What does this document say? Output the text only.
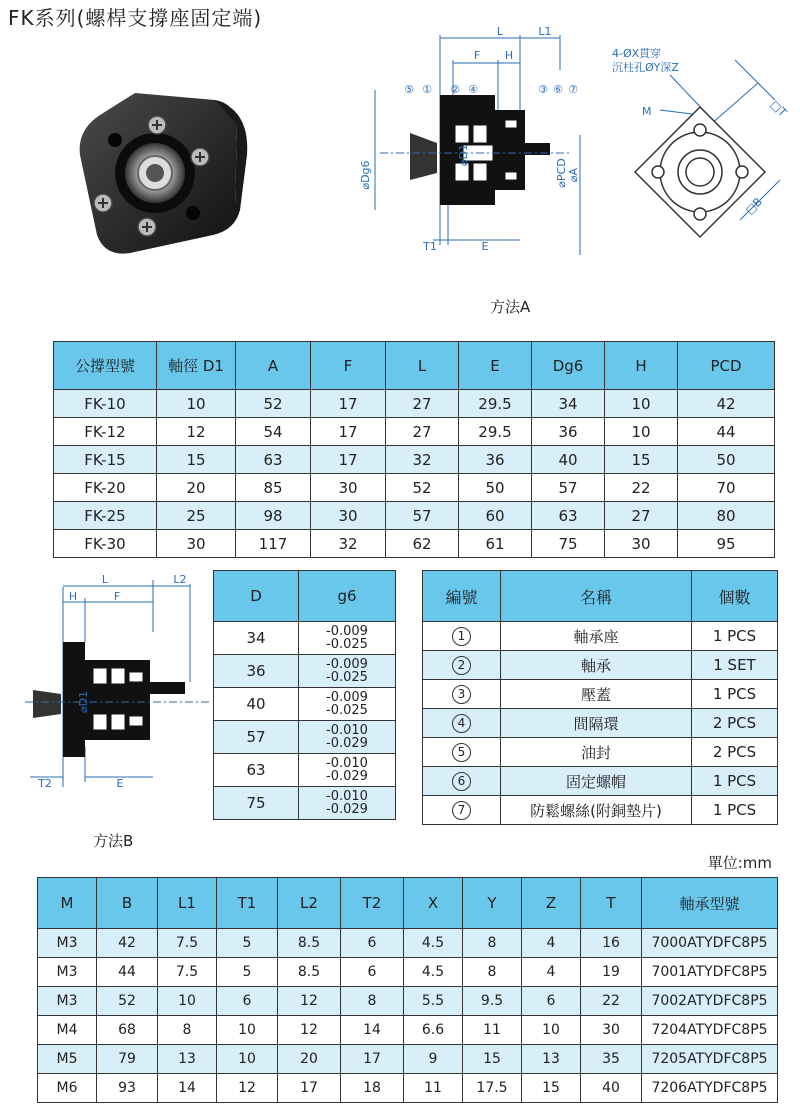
FK系列(螺桿支撐座固定端)
L	L1
F H
T1	E
⌀Dg6
⌀D1
⌀PCD ⌀A
⑤ ① ② ④	③ ⑥ ⑦
4-ØX貫穿
沉柱孔ØY深Z
M	□T
□B
方法A
公撐型號	軸徑 D1	A	F	L	E	Dg6	H	PCD
FK-10	10	52	17	27	29.5	34	10	42
FK-12	12	54	17	27	29.5	36	10	44
FK-15	15	63	17	32	36	40	15	50
FK-20	20	85	30	52	50	57	22	70
FK-25	25	98	30	57	60	63	27	80
FK-30	30	117	32	62	61	75	30	95
L	L2
H	F
T2	E
⌀D1
方法B
D	g6
34	-0.009
-0.025

36	-0.009
-0.025

40	-0.009
-0.025

57	-0.010
-0.029

63	-0.010
-0.029

75	-0.010
-0.029
編號	名稱	個數
1	軸承座	1 PCS
2	軸承	1 SET
3	壓蓋	1 PCS
4	間隔環	2 PCS
5	油封	2 PCS
6	固定螺帽	1 PCS
7	防鬆螺絲(附銅墊片)	1 PCS
單位:mm
M	B	L1	T1	L2	T2	X	Y	Z	T	軸承型號
M3	42	7.5	5	8.5	6	4.5	8	4	16	7000ATYDFC8P5
M3	44	7.5	5	8.5	6	4.5	8	4	19	7001ATYDFC8P5
M3	52	10	6	12	8	5.5	9.5	6	22	7002ATYDFC8P5
M4	68	8	10	12	14	6.6	11	10	30	7204ATYDFC8P5
M5	79	13	10	20	17	9	15	13	35	7205ATYDFC8P5
M6	93	14	12	17	18	11	17.5	15	40	7206ATYDFC8P5
